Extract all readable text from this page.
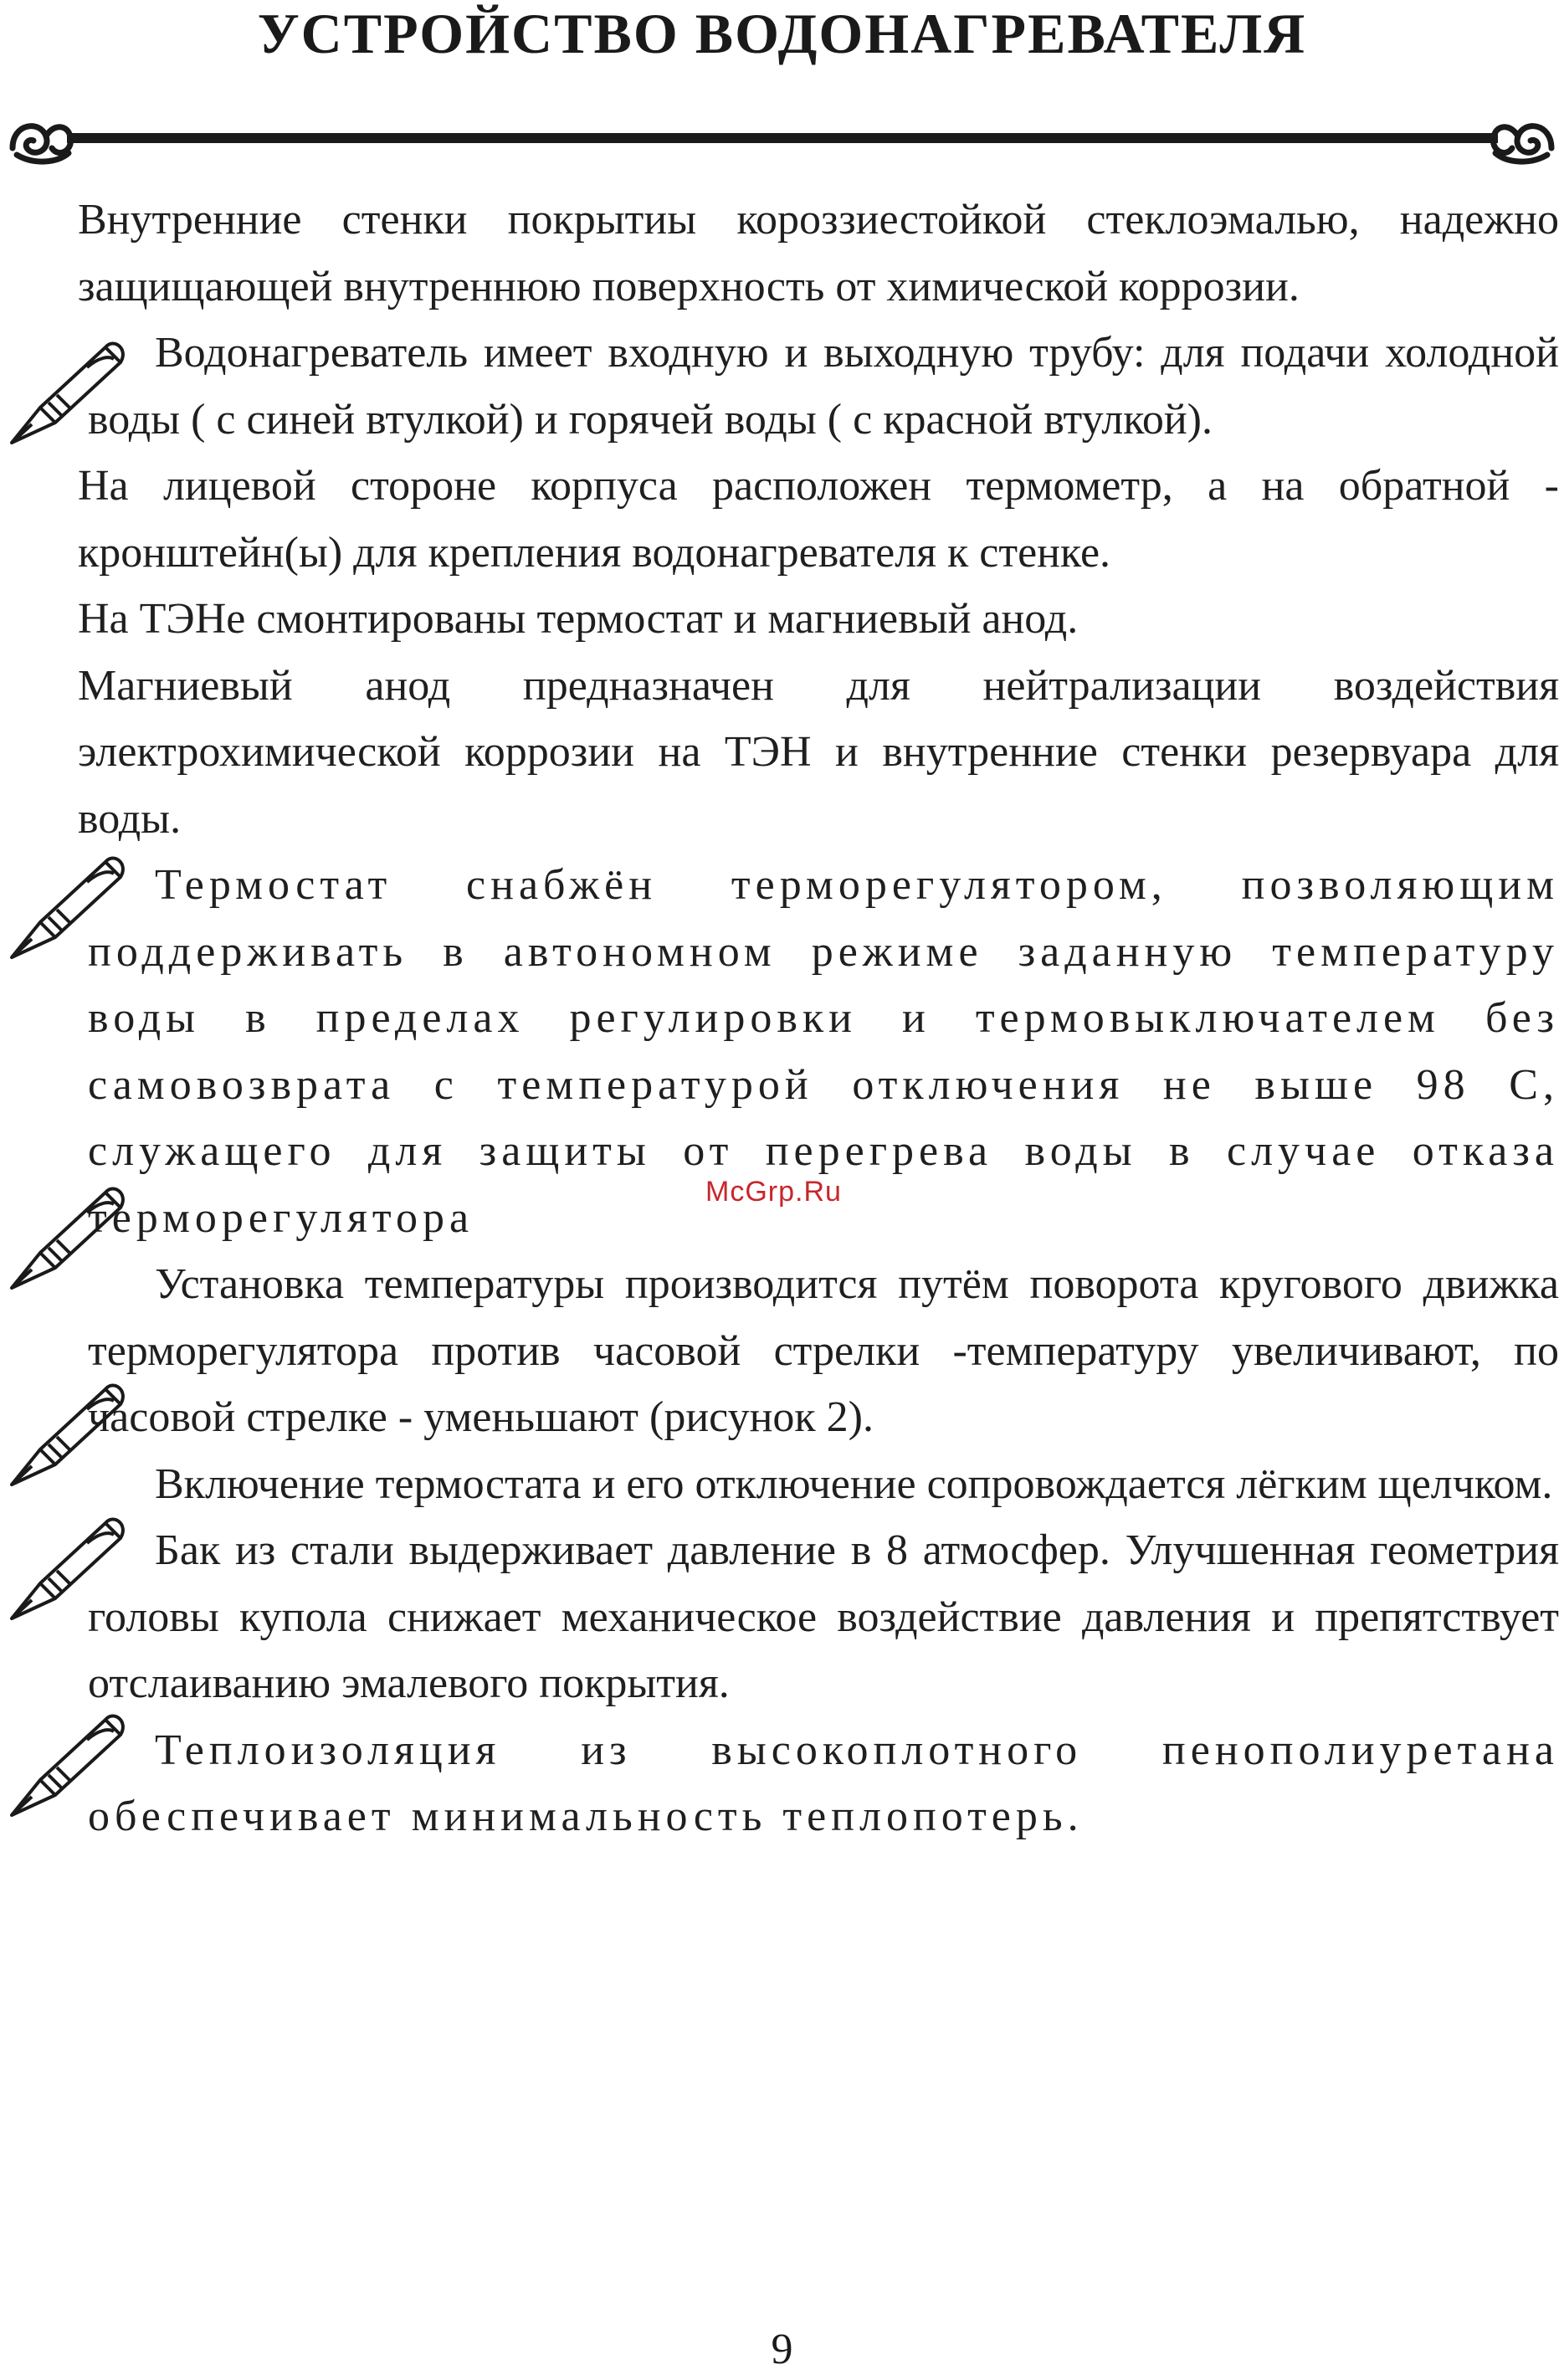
УСТРОЙСТВО ВОДОНАГРЕВАТЕЛЯ

Внутренние стенки покрытиы короззиестойкой стеклоэмалью, надежно защищающей внутреннюю поверхность от химической коррозии.

Водонагреватель имеет входную и выходную трубу: для подачи холодной воды ( с синей втулкой) и горячей воды ( с красной втулкой).

На лицевой стороне корпуса расположен термометр, а на обратной - кронштейн(ы) для крепления водонагревателя к стенке.

На ТЭНе смонтированы термостат и магниевый анод.

Магниевый анод предназначен для нейтрализации воздействия электрохимической коррозии на ТЭН и внутренние стенки резервуара для воды.

Термостат снабжён терморегулятором, позволяющим поддерживать в автономном режиме заданную температуру воды в пределах регулировки и термовыключателем без самовозврата с температурой отключения не выше 98 С, служащего для защиты от перегрева воды в случае отказа терморегулятора

Установка температуры производится путём поворота кругового движка терморегулятора против часовой стрелки -температуру увеличивают, по часовой стрелке - уменьшают (рисунок 2).

Включение термостата и его отключение сопровождается лёгким щелчком.

Бак из стали выдерживает давление в 8 атмосфер. Улучшенная геометрия головы купола снижает механическое воздействие давления и препятствует отслаиванию эмалевого покрытия.

Теплоизоляция из высокоплотного пенополиуретана обеспечивает минимальность теплопотерь.

McGrp.Ru
9
